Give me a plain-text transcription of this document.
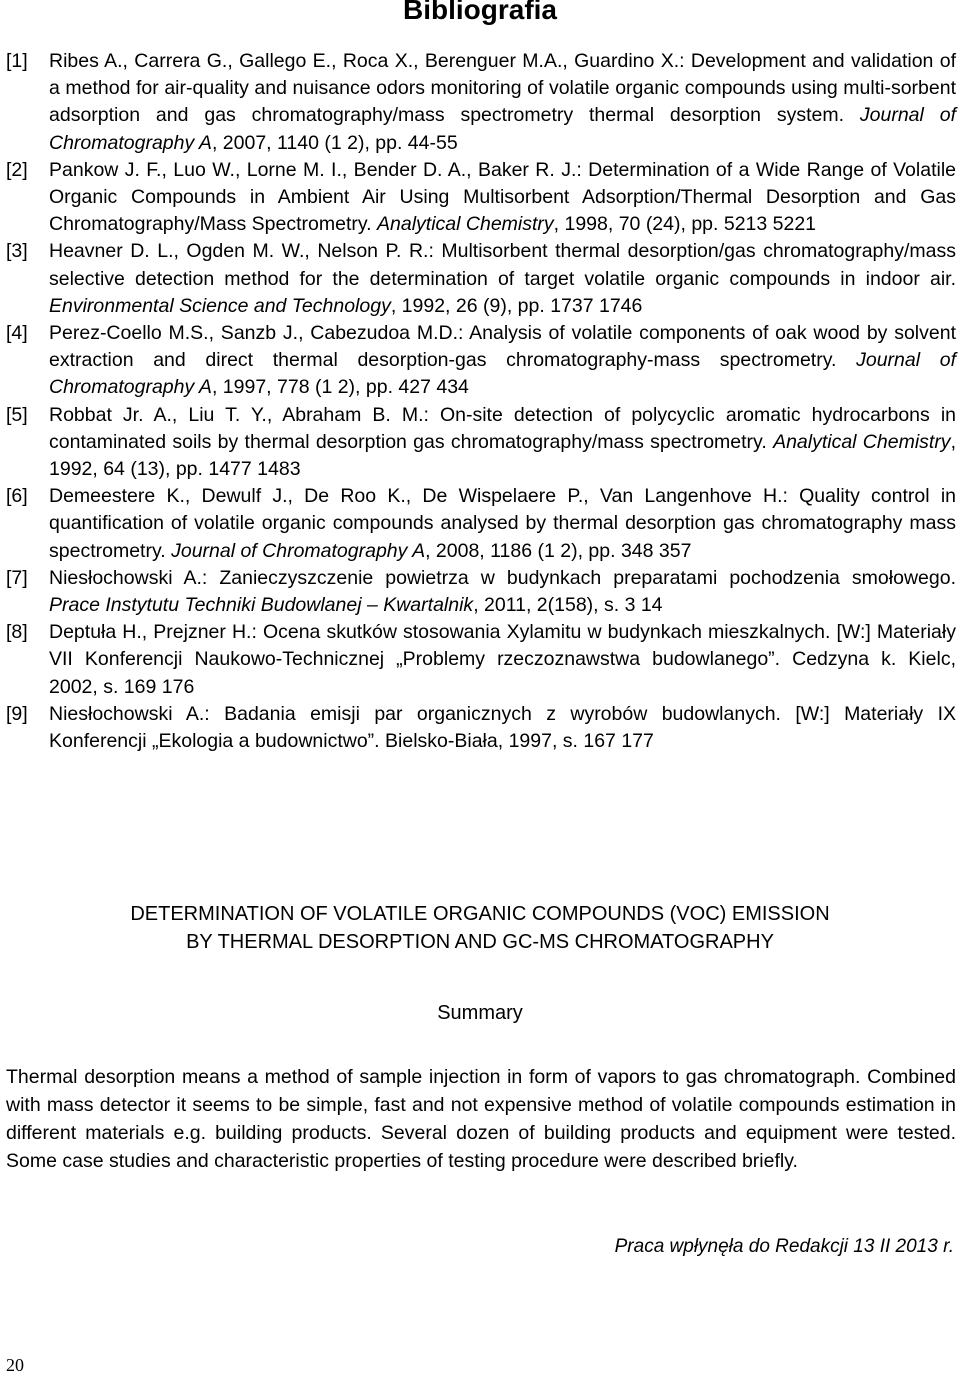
Bibliografia
[1] Ribes A., Carrera G., Gallego E., Roca X., Berenguer M.A., Guardino X.: Development and validation of a method for air-quality and nuisance odors monitoring of volatile organic compounds using multi-sorbent adsorption and gas chromatography/mass spectrometry thermal desorption system. Journal of Chromatography A, 2007, 1140 (1 2), pp. 44-55
[2] Pankow J. F., Luo W., Lorne M. I., Bender D. A., Baker R. J.: Determination of a Wide Range of Volatile Organic Compounds in Ambient Air Using Multisorbent Adsorption/Thermal Desorption and Gas Chromatography/Mass Spectrometry. Analytical Chemistry, 1998, 70 (24), pp. 5213 5221
[3] Heavner D. L., Ogden M. W., Nelson P. R.: Multisorbent thermal desorption/gas chromatography/mass selective detection method for the determination of target volatile organic compounds in indoor air. Environmental Science and Technology, 1992, 26 (9), pp. 1737 1746
[4] Perez-Coello M.S., Sanzb J., Cabezudoa M.D.: Analysis of volatile components of oak wood by solvent extraction and direct thermal desorption-gas chromatography-mass spectrometry. Journal of Chromatography A, 1997, 778 (1 2), pp. 427 434
[5] Robbat Jr. A., Liu T. Y., Abraham B. M.: On-site detection of polycyclic aromatic hydrocarbons in contaminated soils by thermal desorption gas chromatography/mass spectrometry. Analytical Chemistry, 1992, 64 (13), pp. 1477 1483
[6] Demeestere K., Dewulf J., De Roo K., De Wispelaere P., Van Langenhove H.: Quality control in quantification of volatile organic compounds analysed by thermal desorption gas chromatography mass spectrometry. Journal of Chromatography A, 2008, 1186 (1 2), pp. 348 357
[7] Niesłochowski A.: Zanieczyszczenie powietrza w budynkach preparatami pochodzenia smołowego. Prace Instytutu Techniki Budowlanej – Kwartalnik, 2011, 2(158), s. 3 14
[8] Deptuła H., Prejzner H.: Ocena skutków stosowania Xylamitu w budynkach mieszkalnych. [W:] Materiały VII Konferencji Naukowo-Technicznej „Problemy rzeczoznawstwa budowlanego”. Cedzyna k. Kielc, 2002, s. 169 176
[9] Niesłochowski A.: Badania emisji par organicznych z wyrobów budowlanych. [W:] Materiały IX Konferencji „Ekologia a budownictwo”. Bielsko-Biała, 1997, s. 167 177
DETERMINATION OF VOLATILE ORGANIC COMPOUNDS (VOC) EMISSION
BY THERMAL DESORPTION AND GC-MS CHROMATOGRAPHY
Summary
Thermal desorption means a method of sample injection in form of vapors to gas chromatograph. Combined with mass detector it seems to be simple, fast and not expensive method of volatile compounds estimation in different materials e.g. building products. Several dozen of building products and equipment were tested. Some case studies and characteristic properties of testing procedure were described briefly.
Praca wpłynęła do Redakcji 13 II 2013 r.
20
